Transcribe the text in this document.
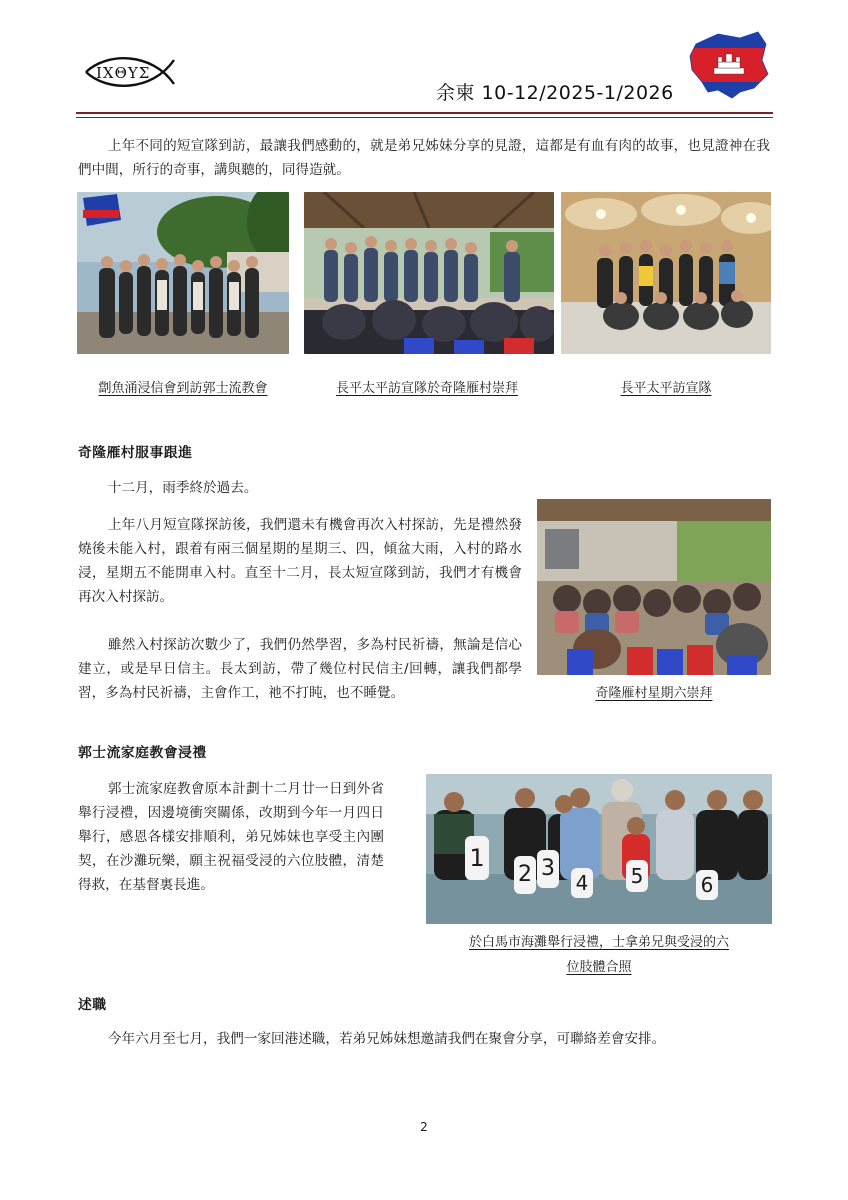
IXΘYΣ
余柬 10-12/2025-1/2026

上年不同的短宣隊到訪，最讓我們感動的，就是弟兄姊妹分享的見證，這都是有血有肉的故事，也見證神在我們中間，所行的奇事，講與聽的，同得造就。

劏魚涌浸信會到訪郭士流教會	長平太平訪宣隊於奇隆雁村崇拜	長平太平訪宣隊
奇隆雁村服事跟進

十二月，雨季終於過去。

上年八月短宣隊探訪後，我們還未有機會再次入村探訪，先是禮然發燒後未能入村，跟着有兩三個星期的星期三、四，傾盆大雨，入村的路水浸，星期五不能開車入村。直至十二月，長太短宣隊到訪，我們才有機會再次入村探訪。

雖然入村探訪次數少了，我們仍然學習，多為村民祈禱，無論是信心建立，或是早日信主。長太到訪，帶了幾位村民信主/回轉，讓我們都學習，多為村民祈禱，主會作工，祂不打盹，也不睡覺。	奇隆雁村星期六崇拜
郭士流家庭教會浸禮

郭士流家庭教會原本計劃十二月廿一日到外省舉行浸禮，因邊境衝突關係，改期到今年一月四日舉行，感恩各樣安排順利，弟兄姊妹也享受主內團契，在沙灘玩樂，願主祝福受浸的六位肢體，清楚得救，在基督裏長進。

1
2 3
4 5	6
於白馬市海灘舉行浸禮，士拿弟兄與受浸的六
位肢體合照
述職

今年六月至七月，我們一家回港述職，若弟兄姊妹想邀請我們在聚會分享，可聯絡差會安排。

2
